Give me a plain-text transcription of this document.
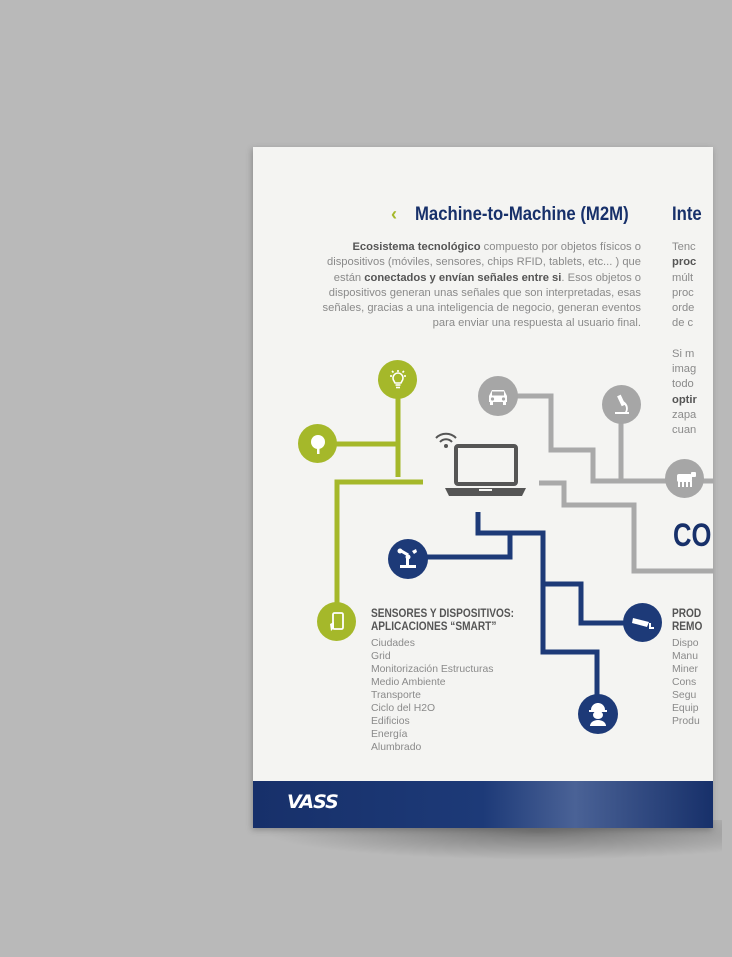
‹ Machine-to-Machine (M2M) Inte
Ecosistema tecnológico compuesto por objetos físicos o dispositivos (móviles, sensores, chips RFID, tablets, etc... ) que están conectados y envían señales entre si. Esos objetos o dispositivos generan unas señales que son interpretadas, esas señales, gracias a una inteligencia de negocio, generan eventos para enviar una respuesta al usuario final.
Tenc
proc
múlt
proc
orde
de c
Si m
imag
todo
optir
zapa
cuan
CO
SENSORES Y DISPOSITIVOS:
APLICACIONES “SMART”
Ciudades
Grid
Monitorización Estructuras
Medio Ambiente
Transporte
Ciclo del H2O
Edificios
Energía
Alumbrado
PROD
REMO
Dispo
Manu
Miner
Cons
Segu
Equip
Produ
VASS
